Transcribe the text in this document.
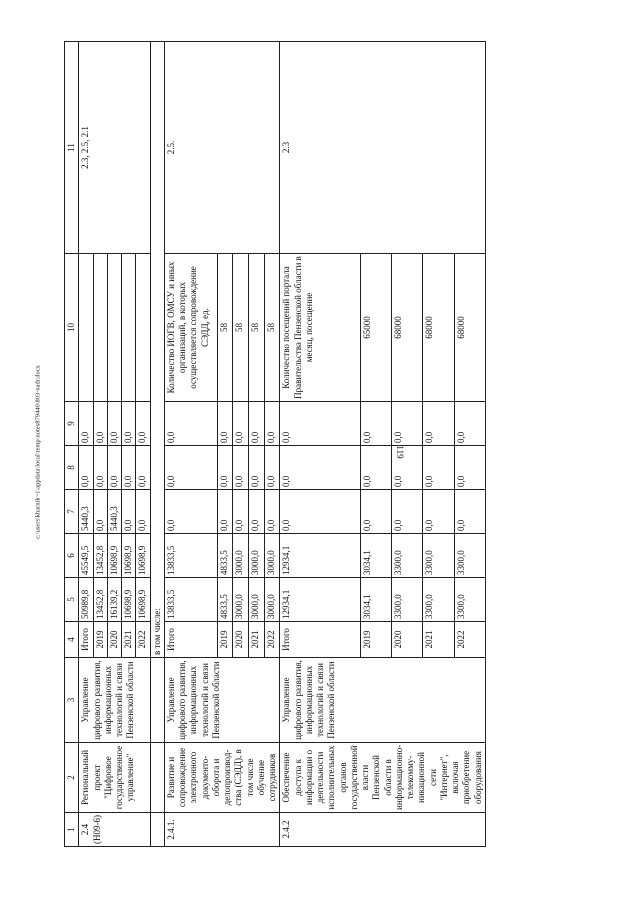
119
c:\users\kharnik~1\appdata\local\temp\notes879440\803-nadr.docx
1	2	3	4	5	6	7	8	9	10	11
2.4
(Н09-6)	Региональный проект "Цифровое государственное управление"	Управление цифрового развития, информационных технологий и связи Пензенской области	Итого	50989,8	45549,5	5440,3	0,0	0,0		2.3, 2.5, 2.1
			2019	13452,8	13452,8	0,0	0,0	0,0		
			2020	16139,2	10698,9	5440,3	0,0	0,0		
			2021	10698,9	10698,9	0,0	0,0	0,0		
			2022	10698,9	10698,9	0,0	0,0	0,0		
			в том числе:							
2.4.1.	Развитие и сопровождение электронного документо-оборота и делопроизвод-ства (СЭДД), в том числе обучение сотрудников	Управление цифрового развития, информационных технологий и связи Пензенской области	Итого	13833,5	13833,5	0,0	0,0	0,0	Количество ИОГВ, ОМСУ и иных организаций, в которых осуществляется сопровождение СЭДД, ед.	2.5.
			2019	4833,5	4833,5	0,0	0,0	0,0	58	
			2020	3000,0	3000,0	0,0	0,0	0,0	58	
			2021	3000,0	3000,0	0,0	0,0	0,0	58	
			2022	3000,0	3000,0	0,0	0,0	0,0	58	
2.4.2	Обеспечение доступа к информации о деятельности исполнительных органов государственной власти Пензенской области в информационно-телекомму-никационной сети "Интернет", включая приобретение оборудования	Управление цифрового развития, информационных технологий и связи Пензенской области	Итого	12934,1	12934,1	0,0	0,0	0,0	Количество посещений портала Правительства Пензенской области в месяц, посещение	2.3
			2019	3034,1	3034,1	0,0	0,0	0,0	65000	
			2020	3300,0	3300,0	0,0	0,0	0,0	68000	
			2021	3300,0	3300,0	0,0	0,0	0,0	68000	
			2022	3300,0	3300,0	0,0	0,0	0,0	68000	
